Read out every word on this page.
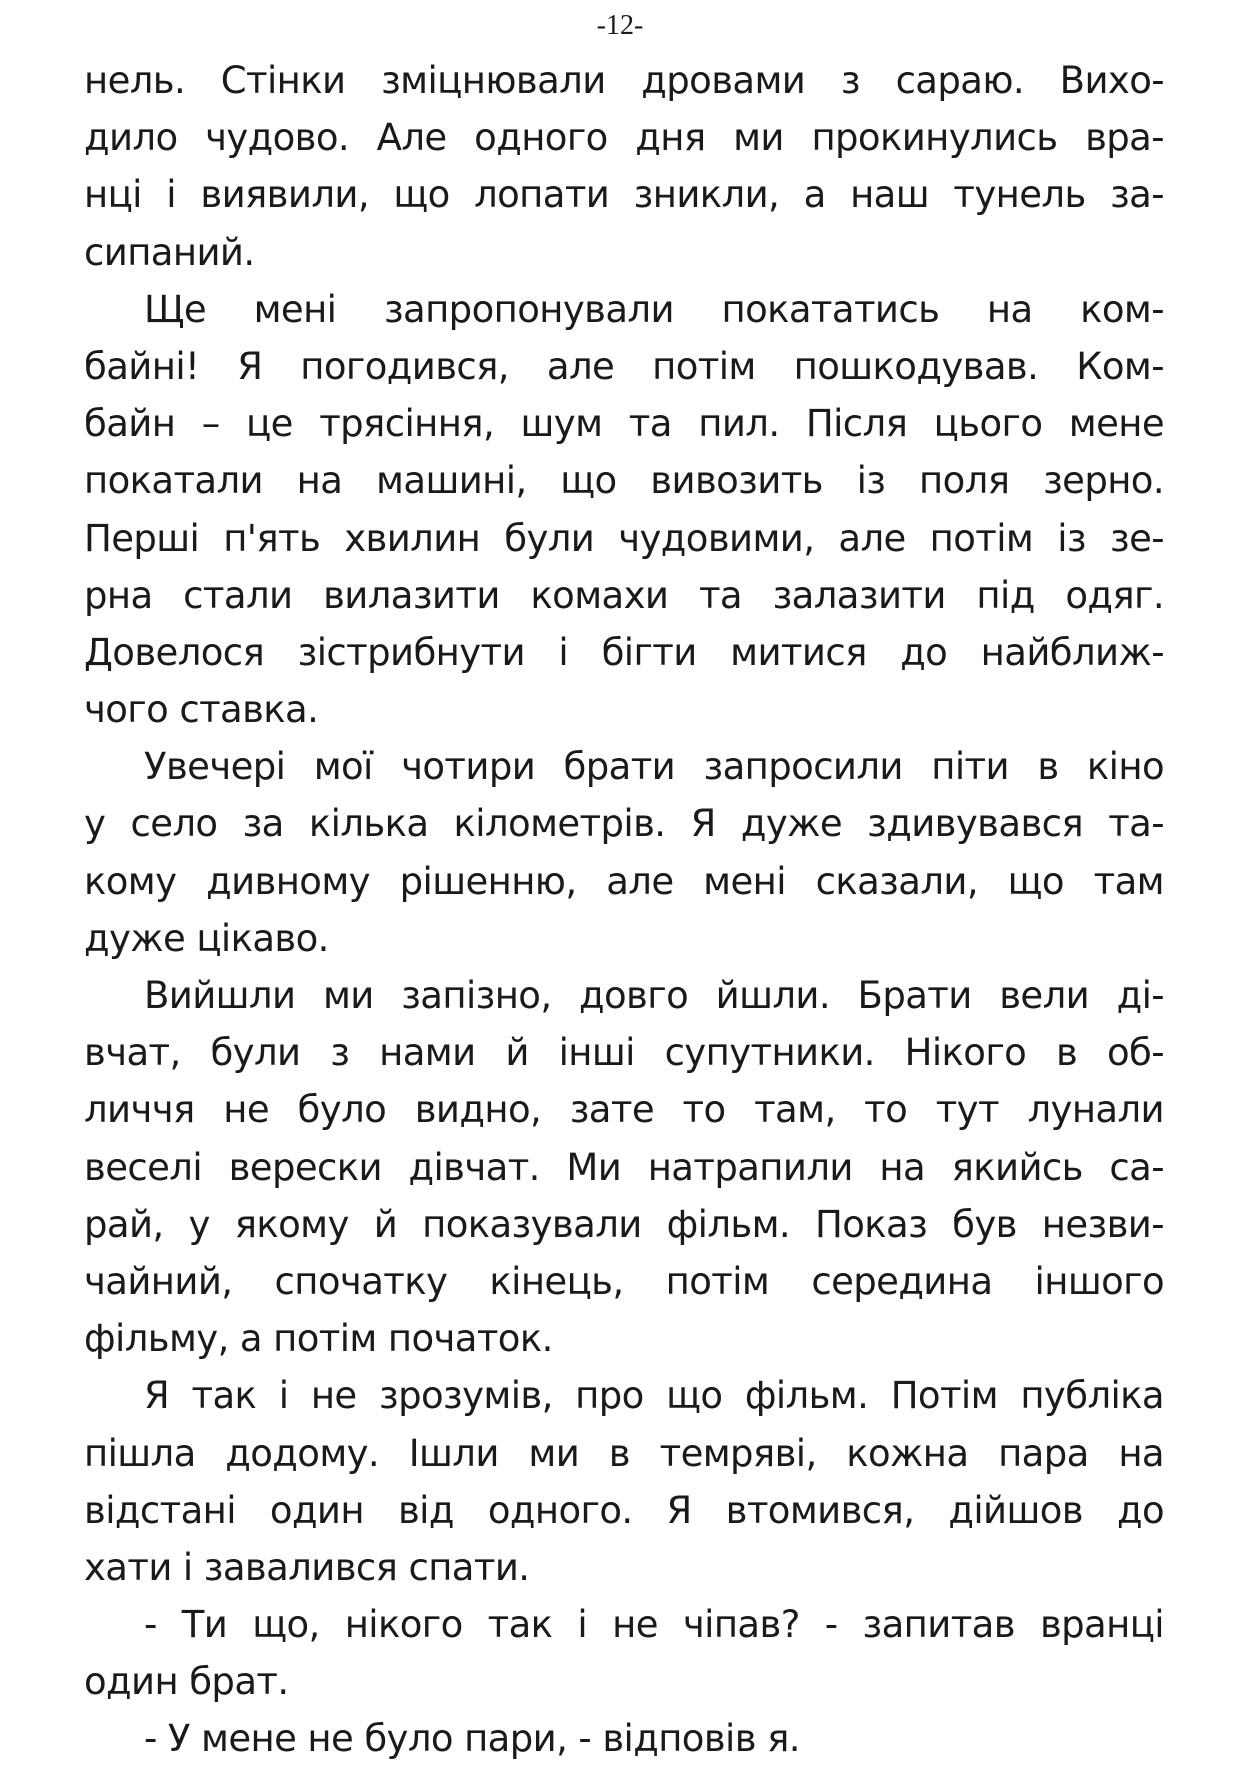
-12-
нель. Стінки зміцнювали дровами з сараю. Вихо-
дило чудово. Але одного дня ми прокинулись вра-
нці і виявили, що лопати зникли, а наш тунель за-
сипаний.
Ще мені запропонували покататись на ком-
байні! Я погодився, але потім пошкодував. Ком-
байн – це трясіння, шум та пил. Після цього мене
покатали на машині, що вивозить із поля зерно.
Перші п'ять хвилин були чудовими, але потім із зе-
рна стали вилазити комахи та залазити під одяг.
Довелося зістрибнути і бігти митися до найближ-
чого ставка.
Увечері мої чотири брати запросили піти в кіно
у село за кілька кілометрів. Я дуже здивувався та-
кому дивному рішенню, але мені сказали, що там
дуже цікаво.
Вийшли ми запізно, довго йшли. Брати вели ді-
вчат, були з нами й інші супутники. Нікого в об-
личчя не було видно, зате то там, то тут лунали
веселі верески дівчат. Ми натрапили на якийсь са-
рай, у якому й показували фільм. Показ був незви-
чайний, спочатку кінець, потім середина іншого
фільму, а потім початок.
Я так і не зрозумів, про що фільм. Потім публіка
пішла додому. Ішли ми в темряві, кожна пара на
відстані один від одного. Я втомився, дійшов до
хати і завалився спати.
- Ти що, нікого так і не чіпав? - запитав вранці
один брат.
- У мене не було пари, - відповів я.
